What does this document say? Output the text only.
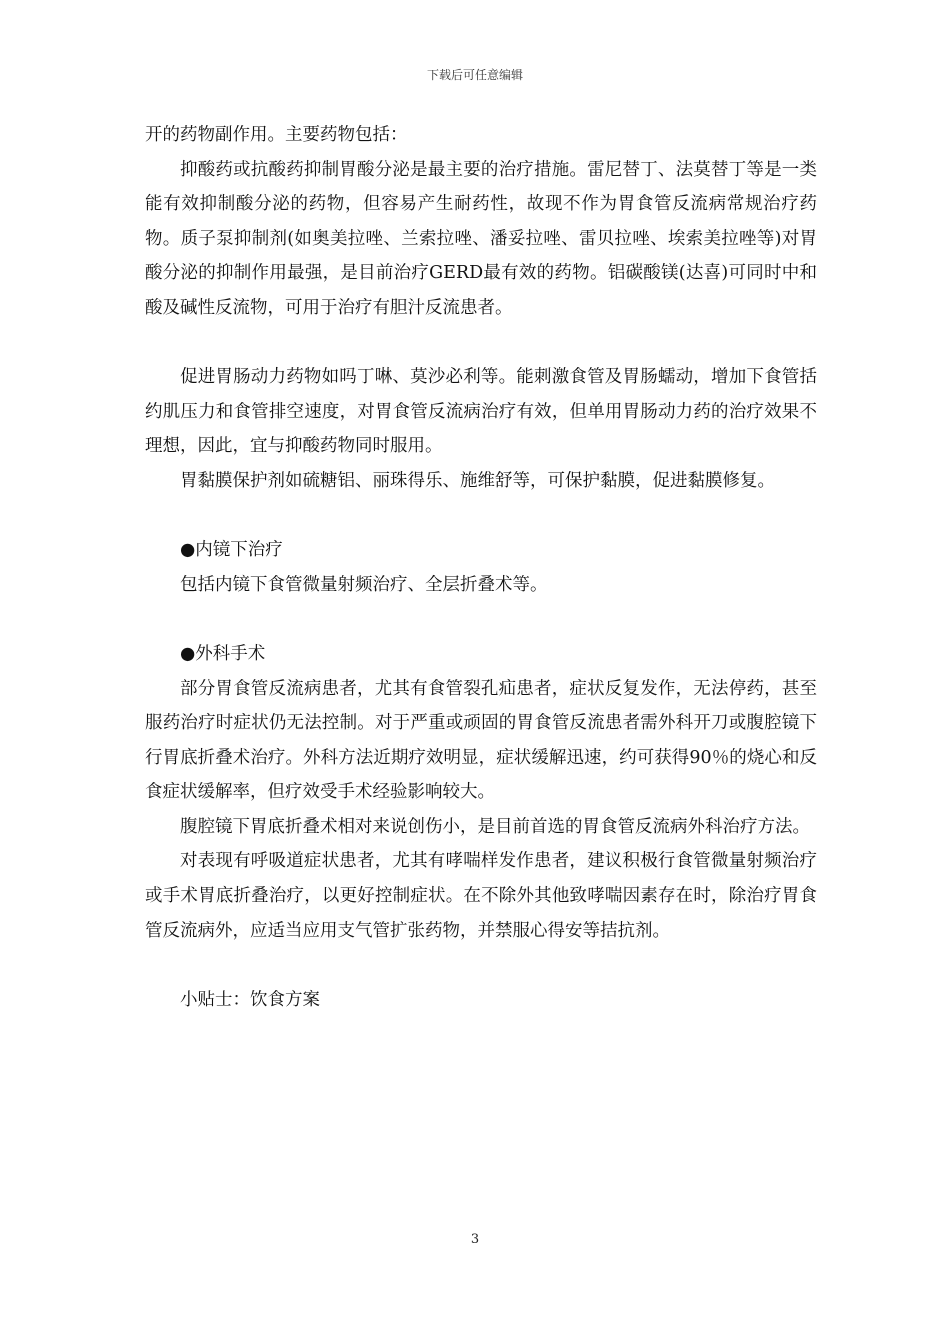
下载后可任意编辑

开的药物副作用。主要药物包括：

抑酸药或抗酸药抑制胃酸分泌是最主要的治疗措施。雷尼替丁、法莫替丁等是一类能有效抑制酸分泌的药物，但容易产生耐药性，故现不作为胃食管反流病常规治疗药物。质子泵抑制剂(如奥美拉唑、兰索拉唑、潘妥拉唑、雷贝拉唑、埃索美拉唑等)对胃酸分泌的抑制作用最强，是目前治疗GERD最有效的药物。铝碳酸镁(达喜)可同时中和酸及碱性反流物，可用于治疗有胆汁反流患者。

促进胃肠动力药物如吗丁啉、莫沙必利等。能刺激食管及胃肠蠕动，增加下食管括约肌压力和食管排空速度，对胃食管反流病治疗有效，但单用胃肠动力药的治疗效果不理想，因此，宜与抑酸药物同时服用。

胃黏膜保护剂如硫糖铝、丽珠得乐、施维舒等，可保护黏膜，促进黏膜修复。

●内镜下治疗

包括内镜下食管微量射频治疗、全层折叠术等。

●外科手术

部分胃食管反流病患者，尤其有食管裂孔疝患者，症状反复发作，无法停药，甚至服药治疗时症状仍无法控制。对于严重或顽固的胃食管反流患者需外科开刀或腹腔镜下行胃底折叠术治疗。外科方法近期疗效明显，症状缓解迅速，约可获得90％的烧心和反食症状缓解率，但疗效受手术经验影响较大。

腹腔镜下胃底折叠术相对来说创伤小，是目前首选的胃食管反流病外科治疗方法。

对表现有呼吸道症状患者，尤其有哮喘样发作患者，建议积极行食管微量射频治疗或手术胃底折叠治疗，以更好控制症状。在不除外其他致哮喘因素存在时，除治疗胃食管反流病外，应适当应用支气管扩张药物，并禁服心得安等拮抗剂。

小贴士：饮食方案

3
